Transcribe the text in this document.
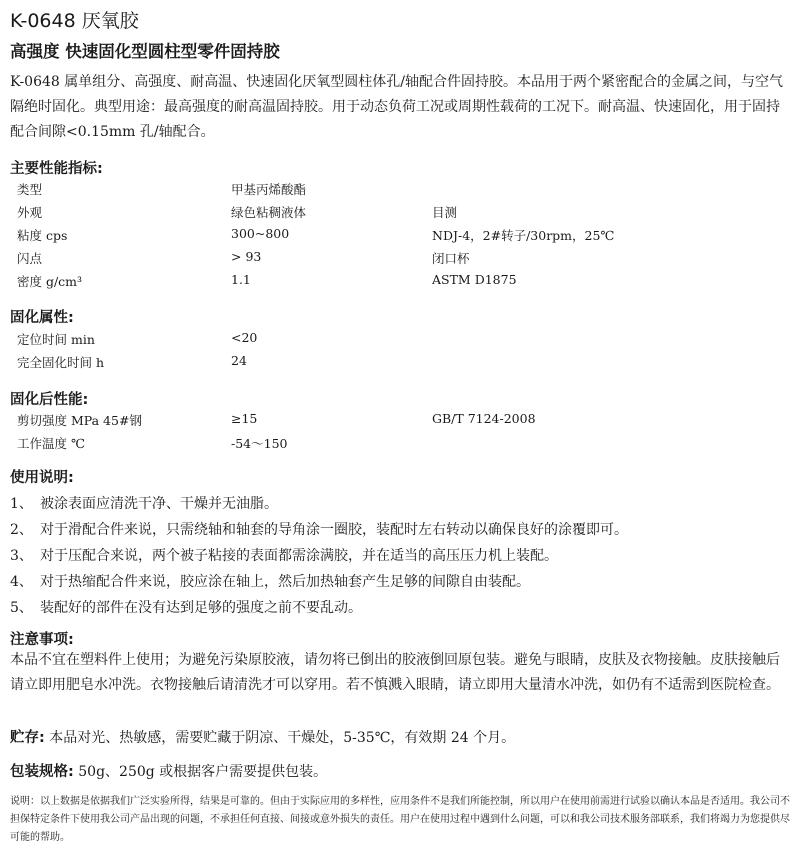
K-0648 厌氧胶
高强度 快速固化型圆柱型零件固持胶
K-0648 属单组分、高强度、耐高温、快速固化厌氧型圆柱体孔/轴配合件固持胶。本品用于两个紧密配合的金属之间，与空气隔绝时固化。典型用途：最高强度的耐高温固持胶。用于动态负荷工况或周期性载荷的工况下。耐高温、快速固化，用于固持配合间隙<0.15mm 孔/轴配合。
主要性能指标:
类型	甲基丙烯酸酯
外观	绿色粘稠液体	目测
粘度 cps	300~800	NDJ-4，2#转子/30rpm，25℃
闪点	> 93	闭口杯
密度 g/cm³	1.1	ASTM D1875
固化属性:
定位时间 min	<20
完全固化时间 h	24
固化后性能:
剪切强度 MPa 45#钢	≥15	GB/T 7124-2008
工作温度 ℃	-54～150
使用说明:
1、 被涂表面应清洗干净、干燥并无油脂。
2、 对于滑配合件来说，只需绕轴和轴套的导角涂一圈胶，装配时左右转动以确保良好的涂覆即可。
3、 对于压配合来说，两个被子粘接的表面都需涂满胶，并在适当的高压压力机上装配。
4、 对于热缩配合件来说，胶应涂在轴上，然后加热轴套产生足够的间隙自由装配。
5、 装配好的部件在没有达到足够的强度之前不要乱动。
注意事项:
本品不宜在塑料件上使用；为避免污染原胶液，请勿将已倒出的胶液倒回原包装。避免与眼睛，皮肤及衣物接触。皮肤接触后请立即用肥皂水冲洗。衣物接触后请清洗才可以穿用。若不慎溅入眼睛，请立即用大量清水冲洗，如仍有不适需到医院检查。
贮存: 本品对光、热敏感，需要贮藏于阴凉、干燥处，5-35℃，有效期 24 个月。
包装规格: 50g、250g 或根据客户需要提供包装。
说明：以上数据是依据我们广泛实验所得，结果是可靠的。但由于实际应用的多样性，应用条件不是我们所能控制，所以用户在使用前需进行试验以确认本品是否适用。我公司不担保特定条件下使用我公司产品出现的问题，不承担任何直接、间接或意外损失的责任。用户在使用过程中遇到什么问题，可以和我公司技术服务部联系，我们将竭力为您提供尽可能的帮助。
